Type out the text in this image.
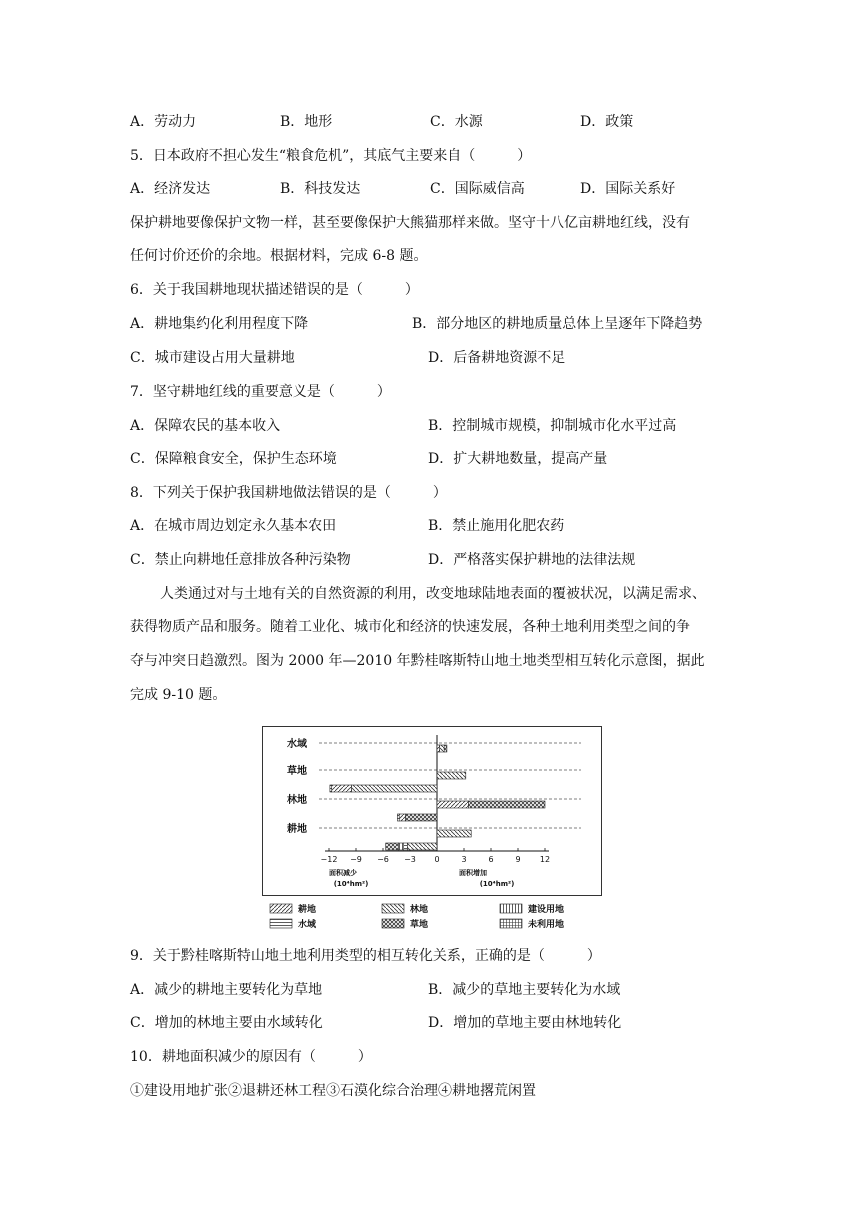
A．劳动力	B．地形	C．水源	D．政策
5．日本政府不担心发生“粮食危机”，其底气主要来自（　　　）
A．经济发达	B．科技发达	C．国际威信高	D．国际关系好
保护耕地要像保护文物一样，甚至要像保护大熊猫那样来做。坚守十八亿亩耕地红线，没有
任何讨价还价的余地。根据材料，完成 6-8 题。
6．关于我国耕地现状描述错误的是（　　　）
A．耕地集约化利用程度下降	B．部分地区的耕地质量总体上呈逐年下降趋势
C．城市建设占用大量耕地	D．后备耕地资源不足
7．坚守耕地红线的重要意义是（　　　）
A．保障农民的基本收入	B．控制城市规模，抑制城市化水平过高
C．保障粮食安全，保护生态环境	D．扩大耕地数量，提高产量
8．下列关于保护我国耕地做法错误的是（　　　）
A．在城市周边划定永久基本农田	B．禁止施用化肥农药
C．禁止向耕地任意排放各种污染物	D．严格落实保护耕地的法律法规
人类通过对与土地有关的自然资源的利用，改变地球陆地表面的覆被状况，以满足需求、
获得物质产品和服务。随着工业化、城市化和经济的快速发展，各种土地利用类型之间的争
夺与冲突日趋激烈。图为 2000 年—2010 年黔桂喀斯特山地土地类型相互转化示意图，据此
完成 9-10 题。
水域
草地
林地
耕地
−12 −9 −6 −3 0	3	6	9 12
面积减少
(10⁴hm²)
面积增加
(10⁴hm²)
耕地	林地	建设用地
水域	草地	未利用地
9．关于黔桂喀斯特山地土地利用类型的相互转化关系，正确的是（　　　）
A．减少的耕地主要转化为草地	B．减少的草地主要转化为水域
C．增加的林地主要由水域转化	D．增加的草地主要由林地转化
10．耕地面积减少的原因有（　　　）
①建设用地扩张②退耕还林工程③石漠化综合治理④耕地撂荒闲置
